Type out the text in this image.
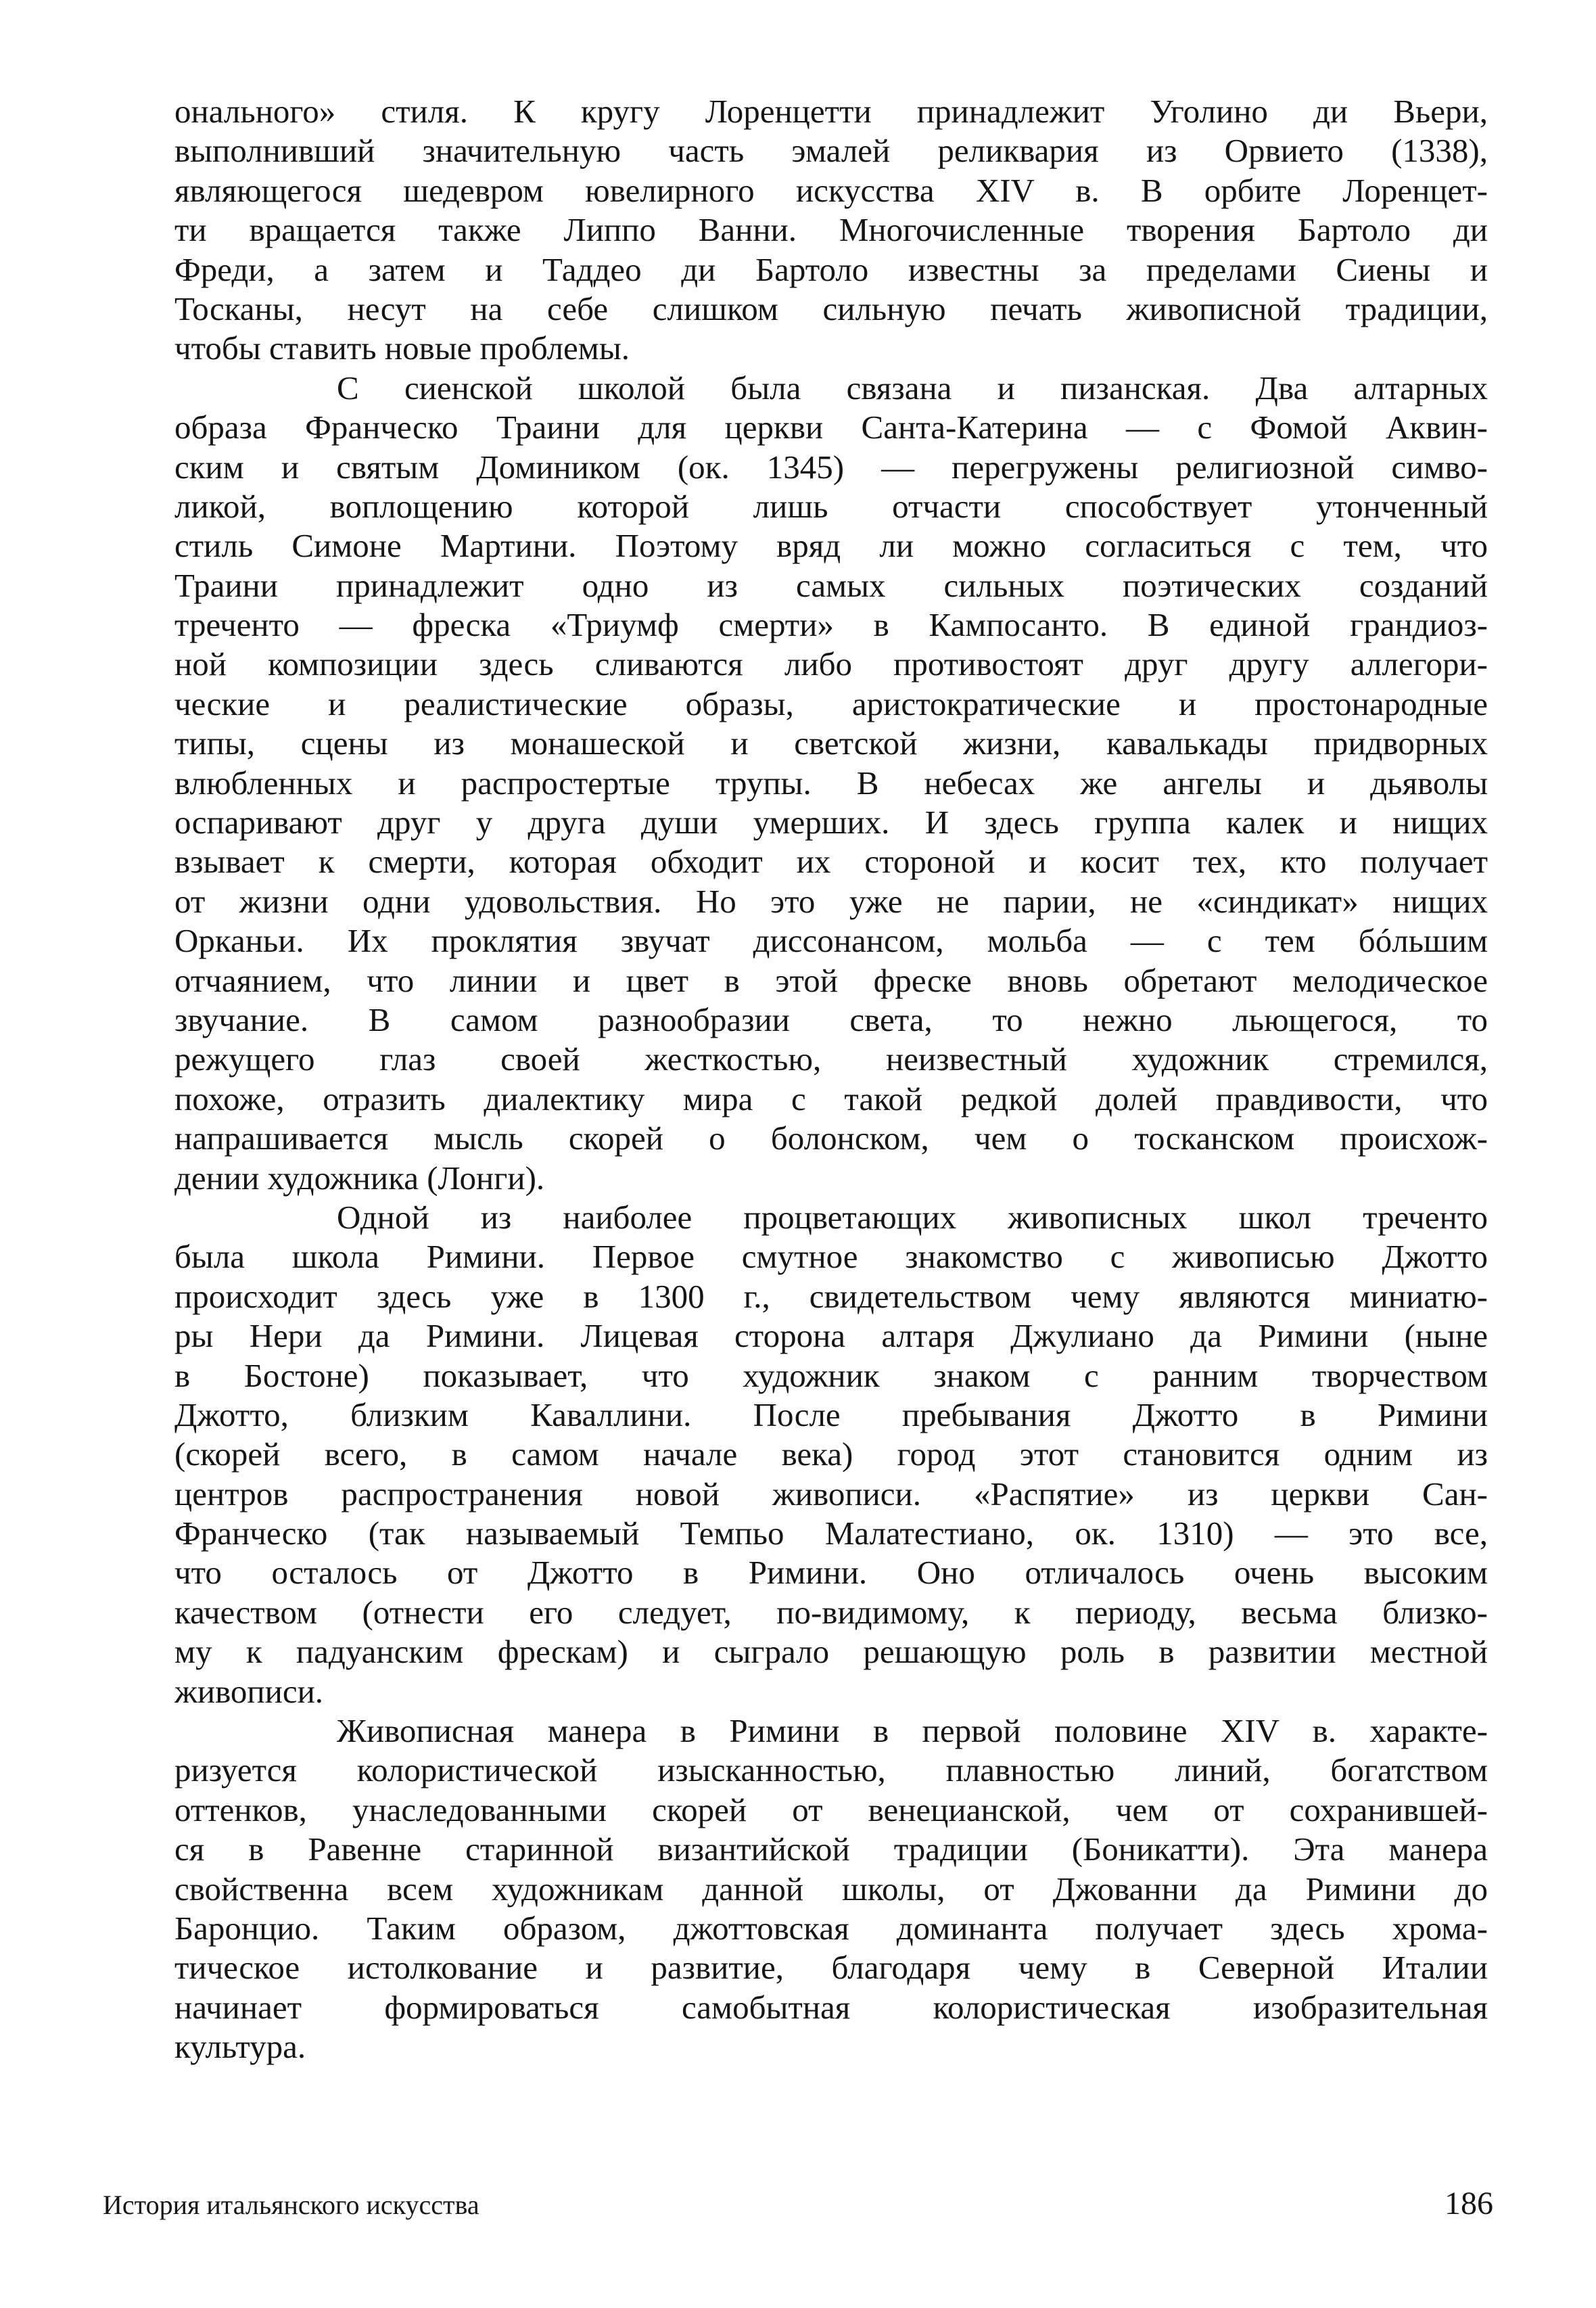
онального» стиля. К кругу Лоренцетти принадлежит Уголино ди Вьери,
выполнивший значительную часть эмалей реликвария из Орвието (1338),
являющегося шедевром ювелирного искусства XIV в. В орбите Лоренцет-
ти вращается также Липпо Ванни. Многочисленные творения Бартоло ди
Фреди, а затем и Таддео ди Бартоло известны за пределами Сиены и
Тосканы, несут на себе слишком сильную печать живописной традиции,
чтобы ставить новые проблемы.
С сиенской школой была связана и пизанская. Два алтарных
образа Франческо Траини для церкви Санта-Катерина — с Фомой Аквин-
ским и святым Домиником (ок. 1345) — перегружены религиозной симво-
ликой, воплощению которой лишь отчасти способствует утонченный
стиль Симоне Мартини. Поэтому вряд ли можно согласиться с тем, что
Траини принадлежит одно из самых сильных поэтических созданий
треченто — фреска «Триумф смерти» в Кампосанто. В единой грандиоз-
ной композиции здесь сливаются либо противостоят друг другу аллегори-
ческие и реалистические образы, аристократические и простонародные
типы, сцены из монашеской и светской жизни, кавалькады придворных
влюбленных и распростертые трупы. В небесах же ангелы и дьяволы
оспаривают друг у друга души умерших. И здесь группа калек и нищих
взывает к смерти, которая обходит их стороной и косит тех, кто получает
от жизни одни удовольствия. Но это уже не парии, не «синдикат» нищих
Орканьи. Их проклятия звучат диссонансом, мольба — с тем бóльшим
отчаянием, что линии и цвет в этой фреске вновь обретают мелодическое
звучание. В самом разнообразии света, то нежно льющегося, то
режущего глаз своей жесткостью, неизвестный художник стремился,
похоже, отразить диалектику мира с такой редкой долей правдивости, что
напрашивается мысль скорей о болонском, чем о тосканском происхож-
дении художника (Лонги).
Одной из наиболее процветающих живописных школ треченто
была школа Римини. Первое смутное знакомство с живописью Джотто
происходит здесь уже в 1300 г., свидетельством чему являются миниатю-
ры Нери да Римини. Лицевая сторона алтаря Джулиано да Римини (ныне
в Бостоне) показывает, что художник знаком с ранним творчеством
Джотто, близким Каваллини. После пребывания Джотто в Римини
(скорей всего, в самом начале века) город этот становится одним из
центров распространения новой живописи. «Распятие» из церкви Сан-
Франческо (так называемый Темпьо Малатестиано, ок. 1310) — это все,
что осталось от Джотто в Римини. Оно отличалось очень высоким
качеством (отнести его следует, по-видимому, к периоду, весьма близко-
му к падуанским фрескам) и сыграло решающую роль в развитии местной
живописи.
Живописная манера в Римини в первой половине XIV в. характе-
ризуется колористической изысканностью, плавностью линий, богатством
оттенков, унаследованными скорей от венецианской, чем от сохранившей-
ся в Равенне старинной византийской традиции (Боникатти). Эта манера
свойственна всем художникам данной школы, от Джованни да Римини до
Бaронцио. Таким образом, джоттовская доминанта получает здесь хрома-
тическое истолкование и развитие, благодаря чему в Северной Италии
начинает формироваться самобытная колористическая изобразительная
культура.
История итальянского искусства	186
